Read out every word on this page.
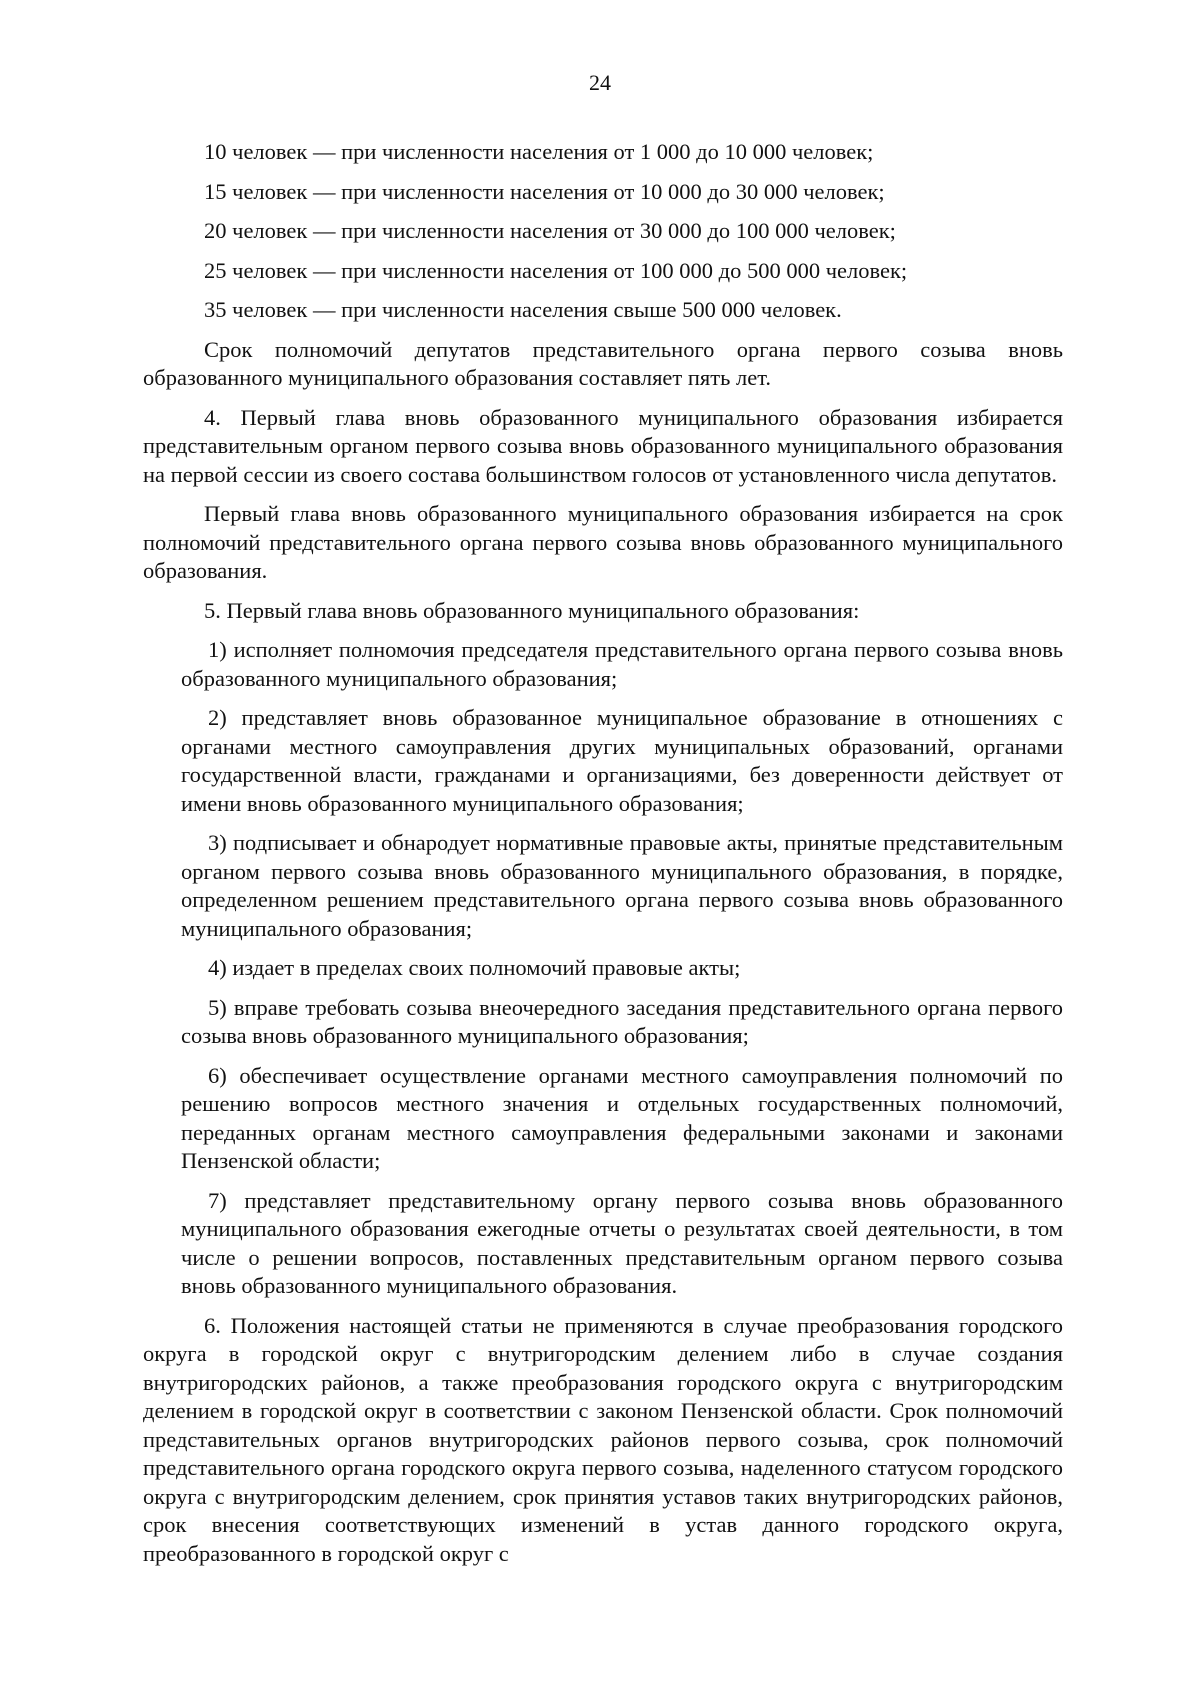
24

10 человек — при численности населения от 1 000 до 10 000 человек;

15 человек — при численности населения от 10 000 до 30 000 человек;

20 человек — при численности населения от 30 000 до 100 000 человек;

25 человек — при численности населения от 100 000 до 500 000 человек;

35 человек — при численности населения свыше 500 000 человек.

Срок полномочий депутатов представительного органа первого созыва вновь образованного муниципального образования составляет пять лет.

4. Первый глава вновь образованного муниципального образования избирается представительным органом первого созыва вновь образованного муниципального образования на первой сессии из своего состава большинством голосов от установленного числа депутатов.

Первый глава вновь образованного муниципального образования избирается на срок полномочий представительного органа первого созыва вновь образованного муниципального образования.

5. Первый глава вновь образованного муниципального образования:

1) исполняет полномочия председателя представительного органа первого созыва вновь образованного муниципального образования;

2) представляет вновь образованное муниципальное образование в отношениях с органами местного самоуправления других муниципальных образований, органами государственной власти, гражданами и организациями, без доверенности действует от имени вновь образованного муниципального образования;

3) подписывает и обнародует нормативные правовые акты, принятые представительным органом первого созыва вновь образованного муниципального образования, в порядке, определенном решением представительного органа первого созыва вновь образованного муниципального образования;

4) издает в пределах своих полномочий правовые акты;

5) вправе требовать созыва внеочередного заседания представительного органа первого созыва вновь образованного муниципального образования;

6) обеспечивает осуществление органами местного самоуправления полномочий по решению вопросов местного значения и отдельных государственных полномочий, переданных органам местного самоуправления федеральными законами и законами Пензенской области;

7) представляет представительному органу первого созыва вновь образованного муниципального образования ежегодные отчеты о результатах своей деятельности, в том числе о решении вопросов, поставленных представительным органом первого созыва вновь образованного муниципального образования.

6. Положения настоящей статьи не применяются в случае преобразования городского округа в городской округ с внутригородским делением либо в случае создания внутригородских районов, а также преобразования городского округа с внутригородским делением в городской округ в соответствии с законом Пензенской области. Срок полномочий представительных органов внутригородских районов первого созыва, срок полномочий представительного органа городского округа первого созыва, наделенного статусом городского округа с внутригородским делением, срок принятия уставов таких внутригородских районов, срок внесения соответствующих изменений в устав данного городского округа, преобразованного в городской округ с
